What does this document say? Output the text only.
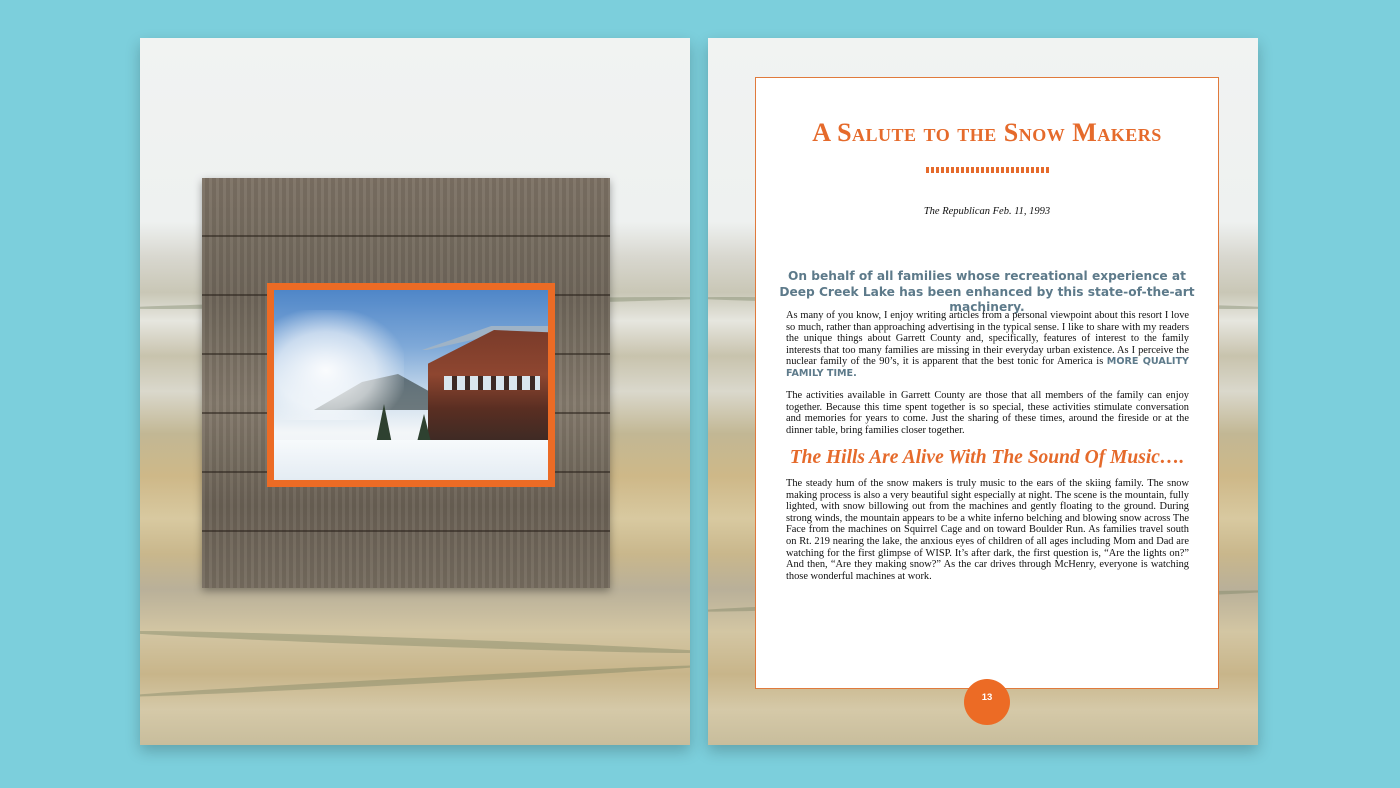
A Salute to the Snow Makers
The Republican Feb. 11, 1993

On behalf of all families whose recreational experience at Deep Creek Lake has been enhanced by this state-of-the-art machinery.

As many of you know, I enjoy writing articles from a personal viewpoint about this resort I love so much, rather than approaching advertising in the typical sense. I like to share with my readers the unique things about Garrett County and, specifically, features of interest to the family interests that too many families are missing in their everyday urban existence. As I perceive the nuclear family of the 90’s, it is apparent that the best tonic for America is MORE QUALITY FAMILY TIME.

The activities available in Garrett County are those that all members of the family can enjoy together. Because this time spent together is so special, these activities stimulate conversation and memories for years to come. Just the sharing of these times, around the fireside or at the dinner table, bring families closer together.

The Hills Are Alive With The Sound Of Music….

The steady hum of the snow makers is truly music to the ears of the skiing family. The snow making process is also a very beautiful sight especially at night. The scene is the mountain, fully lighted, with snow billowing out from the machines and gently floating to the ground. During strong winds, the mountain appears to be a white inferno belching and blowing snow across The Face from the machines on Squirrel Cage and on toward Boulder Run. As families travel south on Rt. 219 nearing the lake, the anxious eyes of children of all ages including Mom and Dad are watching for the first glimpse of WISP. It’s after dark, the first question is, “Are the lights on?” And then, “Are they making snow?” As the car drives through McHenry, everyone is watching those wonderful machines at work.

13
